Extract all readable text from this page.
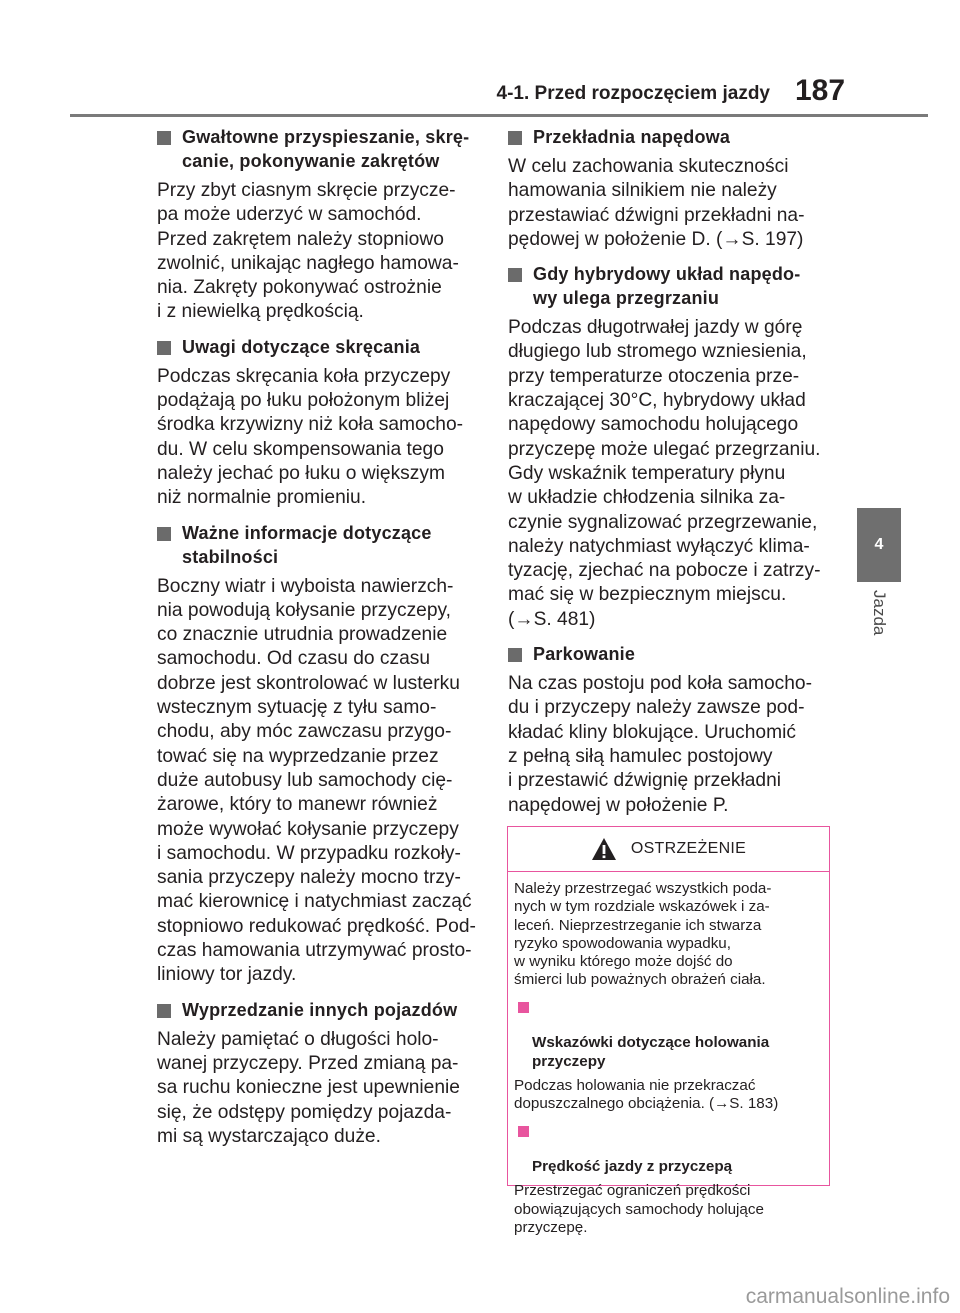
4-1. Przed rozpoczęciem jazdy 187
4
Jazda
Gwałtowne przyspieszanie, skrę-
canie, pokonywanie zakrętów

Przy zbyt ciasnym skręcie przycze-
pa może uderzyć w samochód.
Przed zakrętem należy stopniowo
zwolnić, unikając nagłego hamowa-
nia. Zakręty pokonywać ostrożnie
i z niewielką prędkością.

Uwagi dotyczące skręcania

Podczas skręcania koła przyczepy
podążają po łuku położonym bliżej
środka krzywizny niż koła samocho-
du. W celu skompensowania tego
należy jechać po łuku o większym
niż normalnie promieniu.

Ważne informacje dotyczące
stabilności

Boczny wiatr i wyboista nawierzch-
nia powodują kołysanie przyczepy,
co znacznie utrudnia prowadzenie
samochodu. Od czasu do czasu
dobrze jest skontrolować w lusterku
wstecznym sytuację z tyłu samo-
chodu, aby móc zawczasu przygo-
tować się na wyprzedzanie przez
duże autobusy lub samochody cię-
żarowe, który to manewr również
może wywołać kołysanie przyczepy
i samochodu. W przypadku rozkoły-
sania przyczepy należy mocno trzy-
mać kierownicę i natychmiast zacząć
stopniowo redukować prędkość. Pod-
czas hamowania utrzymywać prosto-
liniowy tor jazdy.

Wyprzedzanie innych pojazdów

Należy pamiętać o długości holo-
wanej przyczepy. Przed zmianą pa-
sa ruchu konieczne jest upewnienie
się, że odstępy pomiędzy pojazda-
mi są wystarczająco duże.

Przekładnia napędowa

W celu zachowania skuteczności
hamowania silnikiem nie należy
przestawiać dźwigni przekładni na-
pędowej w położenie D. (→S. 197)

Gdy hybrydowy układ napędo-
wy ulega przegrzaniu

Podczas długotrwałej jazdy w górę
długiego lub stromego wzniesienia,
przy temperaturze otoczenia prze-
kraczającej 30°C, hybrydowy układ
napędowy samochodu holującego
przyczepę może ulegać przegrzaniu.
Gdy wskaźnik temperatury płynu
w układzie chłodzenia silnika za-
czynie sygnalizować przegrzewanie,
należy natychmiast wyłączyć klima-
tyzację, zjechać na pobocze i zatrzy-
mać się w bezpiecznym miejscu.
(→S. 481)

Parkowanie

Na czas postoju pod koła samocho-
du i przyczepy należy zawsze pod-
kładać kliny blokujące. Uruchomić
z pełną siłą hamulec postojowy
i przestawić dźwignię przekładni
napędowej w położenie P.

OSTRZEŻENIE

Należy przestrzegać wszystkich poda-
nych w tym rozdziale wskazówek i za-
leceń. Nieprzestrzeganie ich stwarza
ryzyko spowodowania wypadku,
w wyniku którego może dojść do
śmierci lub poważnych obrażeń ciała.

Wskazówki dotyczące holowania
przyczepy

Podczas holowania nie przekraczać
dopuszczalnego obciążenia. (→S. 183)

Prędkość jazdy z przyczepą

Przestrzegać ograniczeń prędkości
obowiązujących samochody holujące
przyczepę.

carmanualsonline.info
